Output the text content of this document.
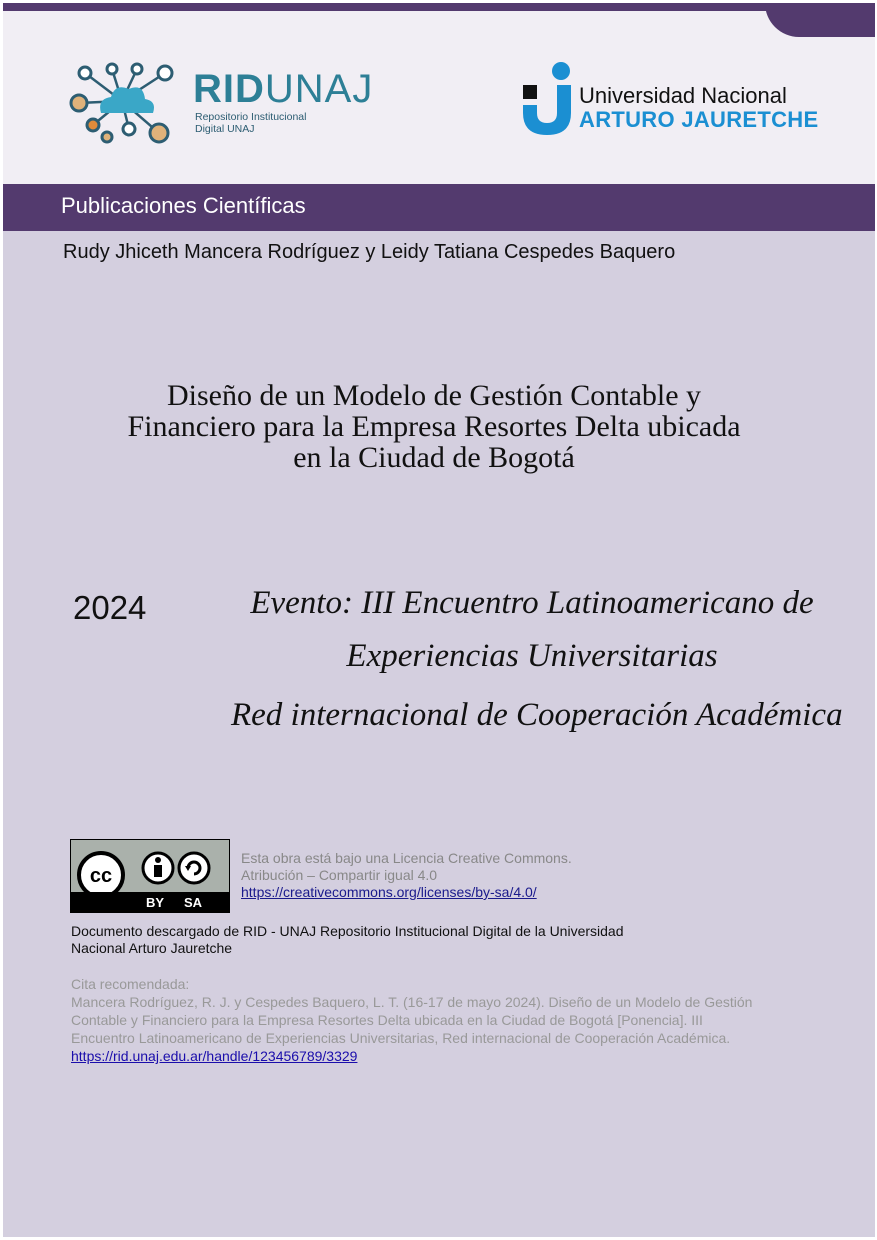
RIDUNAJ
Repositorio Institucional
Digital UNAJ
Universidad Nacional
ARTURO JAURETCHE
Publicaciones Científicas
Rudy Jhiceth Mancera Rodríguez y Leidy Tatiana Cespedes Baquero
Diseño de un Modelo de Gestión Contable y
Financiero para la Empresa Resortes Delta ubicada
en la Ciudad de Bogotá
2024	Evento: III Encuentro Latinoamericano de
Experiencias Universitarias
Red internacional de Cooperación Académica
cc
BY SA
Esta obra está bajo una Licencia Creative Commons.
Atribución – Compartir igual 4.0
https://creativecommons.org/licenses/by-sa/4.0/
Documento descargado de RID - UNAJ Repositorio Institucional Digital de la Universidad
Nacional Arturo Jauretche
Cita recomendada:
Mancera Rodríguez, R. J. y Cespedes Baquero, L. T. (16-17 de mayo 2024). Diseño de un Modelo de Gestión
Contable y Financiero para la Empresa Resortes Delta ubicada en la Ciudad de Bogotá [Ponencia]. III
Encuentro Latinoamericano de Experiencias Universitarias, Red internacional de Cooperación Académica.
https://rid.unaj.edu.ar/handle/123456789/3329
